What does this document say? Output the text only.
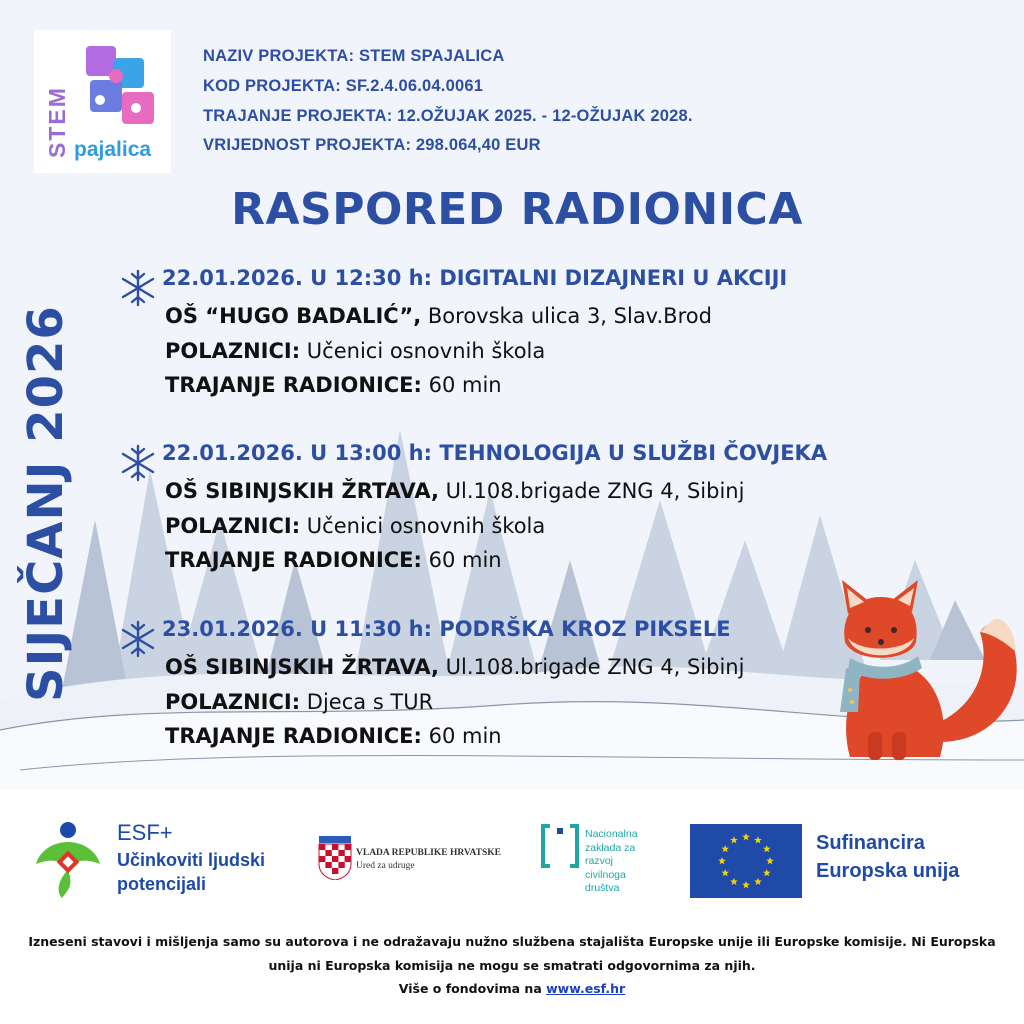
STEM pajalica
NAZIV PROJEKTA: STEM SPAJALICA
KOD PROJEKTA: SF.2.4.06.04.0061
TRAJANJE PROJEKTA: 12.OŽUJAK 2025. - 12-OŽUJAK 2028.
VRIJEDNOST PROJEKTA: 298.064,40 EUR
RASPORED RADIONICA
SIJEČANJ 2026
22.01.2026. U 12:30 h: DIGITALNI DIZAJNERI U AKCIJI
OŠ “HUGO BADALIĆ”, Borovska ulica 3, Slav.Brod
POLAZNICI: Učenici osnovnih škola
TRAJANJE RADIONICE: 60 min
22.01.2026. U 13:00 h: TEHNOLOGIJA U SLUŽBI ČOVJEKA
OŠ SIBINJSKIH ŽRTAVA, Ul.108.brigade ZNG 4, Sibinj
POLAZNICI: Učenici osnovnih škola
TRAJANJE RADIONICE: 60 min
23.01.2026. U 11:30 h: PODRŠKA KROZ PIKSELE
OŠ SIBINJSKIH ŽRTAVA, Ul.108.brigade ZNG 4, Sibinj
POLAZNICI: Djeca s TUR
TRAJANJE RADIONICE: 60 min
ESF+
Učinkoviti ljudski
potencijali
VLADA REPUBLIKE HRVATSKE
Ured za udruge
Nacionalna
zaklada za
razvoj
civilnoga
društva
Sufinancira
Europska unija
Izneseni stavovi i mišljenja samo su autorova i ne odražavaju nužno službena stajališta Europske unije ili Europske komisije. Ni Europska
unija ni Europska komisija ne mogu se smatrati odgovornima za njih.
Više o fondovima na www.esf.hr
